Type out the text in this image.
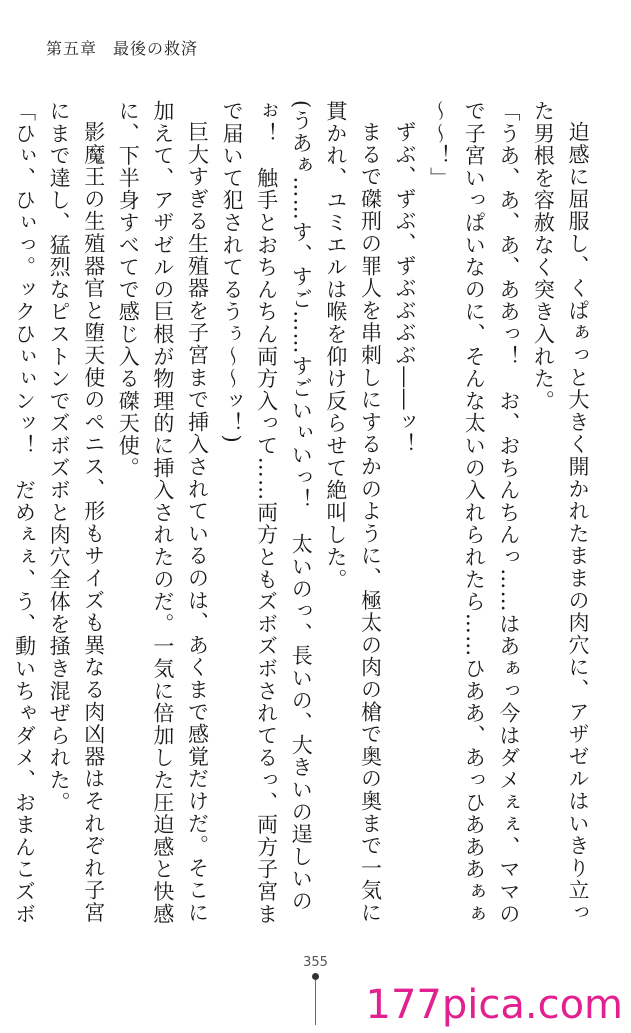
第五章 最後の救済

迫感に屈服し、くぱぁっと大きく開かれたままの肉穴に、アザゼルはいきり立った男根を容赦なく突き入れた。

「うあ、あ、あ、ああっ！　お、おちんちんっ……はあぁっ今はダメぇぇ、ママので子宮いっぱいなのに、そんな太いの入れられたら……ひああ、あっひあああぁぁ～～！」

ずぶ、ずぶ、ずぶぶぶぶ――ッ！

まるで磔刑の罪人を串刺しにするかのように、極太の肉の槍で奥の奥まで一気に貫かれ、ユミエルは喉を仰け反らせて絶叫した。

(うあぁ……す、すご……すごいぃいっ！　太いのっ、長いの、大きいの逞しいのぉ！　触手とおちんちん両方入って……両方ともズボズボされてるっ、両方子宮まで届いて犯されてるうぅ～～ッ！)

巨大すぎる生殖器を子宮まで挿入されているのは、あくまで感覚だけだ。そこに加えて、アザゼルの巨根が物理的に挿入されたのだ。一気に倍加した圧迫感と快感に、下半身すべてで感じ入る磔天使。

影魔王の生殖器官と堕天使のペニス、形もサイズも異なる肉凶器はそれぞれ子宮にまで達し、猛烈なピストンでズボズボと肉穴全体を掻き混ぜられた。

「ひぃ、ひぃっ。ックひぃぃンッ！　だめぇぇ、う、動いちゃダメ、おまんこズボ

355
177pica.com
